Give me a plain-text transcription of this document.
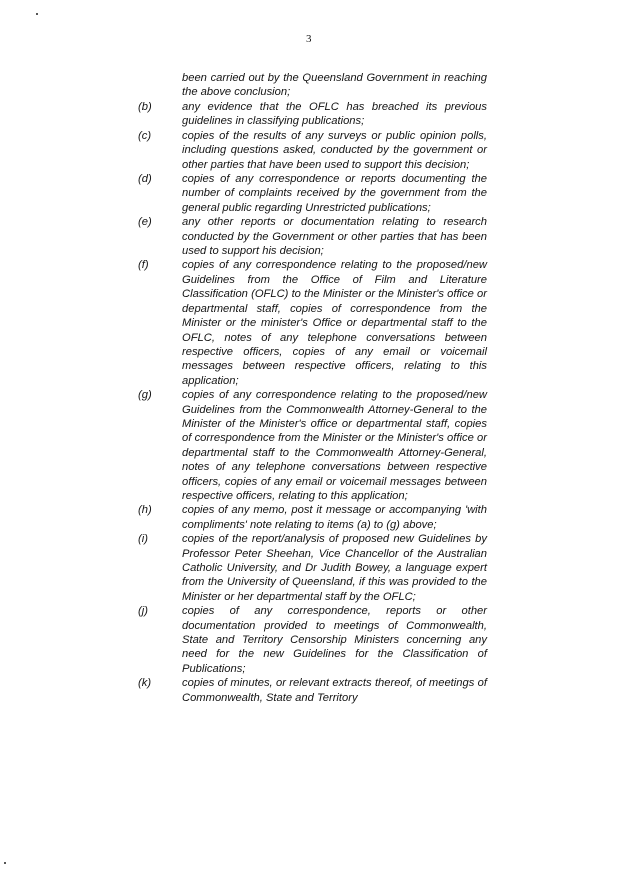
3
been carried out by the Queensland Government in reaching the above conclusion;
(b)	any evidence that the OFLC has breached its previous guidelines in classifying publications;
(c)	copies of the results of any surveys or public opinion polls, including questions asked, conducted by the government or other parties that have been used to support this decision;
(d)	copies of any correspondence or reports documenting the number of complaints received by the government from the general public regarding Unrestricted publications;
(e)	any other reports or documentation relating to research conducted by the Government or other parties that has been used to support his decision;
(f)	copies of any correspondence relating to the proposed/new Guidelines from the Office of Film and Literature Classification (OFLC) to the Minister or the Minister's office or departmental staff, copies of correspondence from the Minister or the minister's Office or departmental staff to the OFLC, notes of any telephone conversations between respective officers, copies of any email or voicemail messages between respective officers, relating to this application;
(g)	copies of any correspondence relating to the proposed/new Guidelines from the Commonwealth Attorney-General to the Minister of the Minister's office or departmental staff, copies of correspondence from the Minister or the Minister's office or departmental staff to the Commonwealth Attorney-General, notes of any telephone conversations between respective officers, copies of any email or voicemail messages between respective officers, relating to this application;
(h)	copies of any memo, post it message or accompanying 'with compliments' note relating to items (a) to (g) above;
(i)	copies of the report/analysis of proposed new Guidelines by Professor Peter Sheehan, Vice Chancellor of the Australian Catholic University, and Dr Judith Bowey, a language expert from the University of Queensland, if this was provided to the Minister or her departmental staff by the OFLC;
(j)	copies of any correspondence, reports or other documentation provided to meetings of Commonwealth, State and Territory Censorship Ministers concerning any need for the new Guidelines for the Classification of Publications;
(k)	copies of minutes, or relevant extracts thereof, of meetings of Commonwealth, State and Territory
